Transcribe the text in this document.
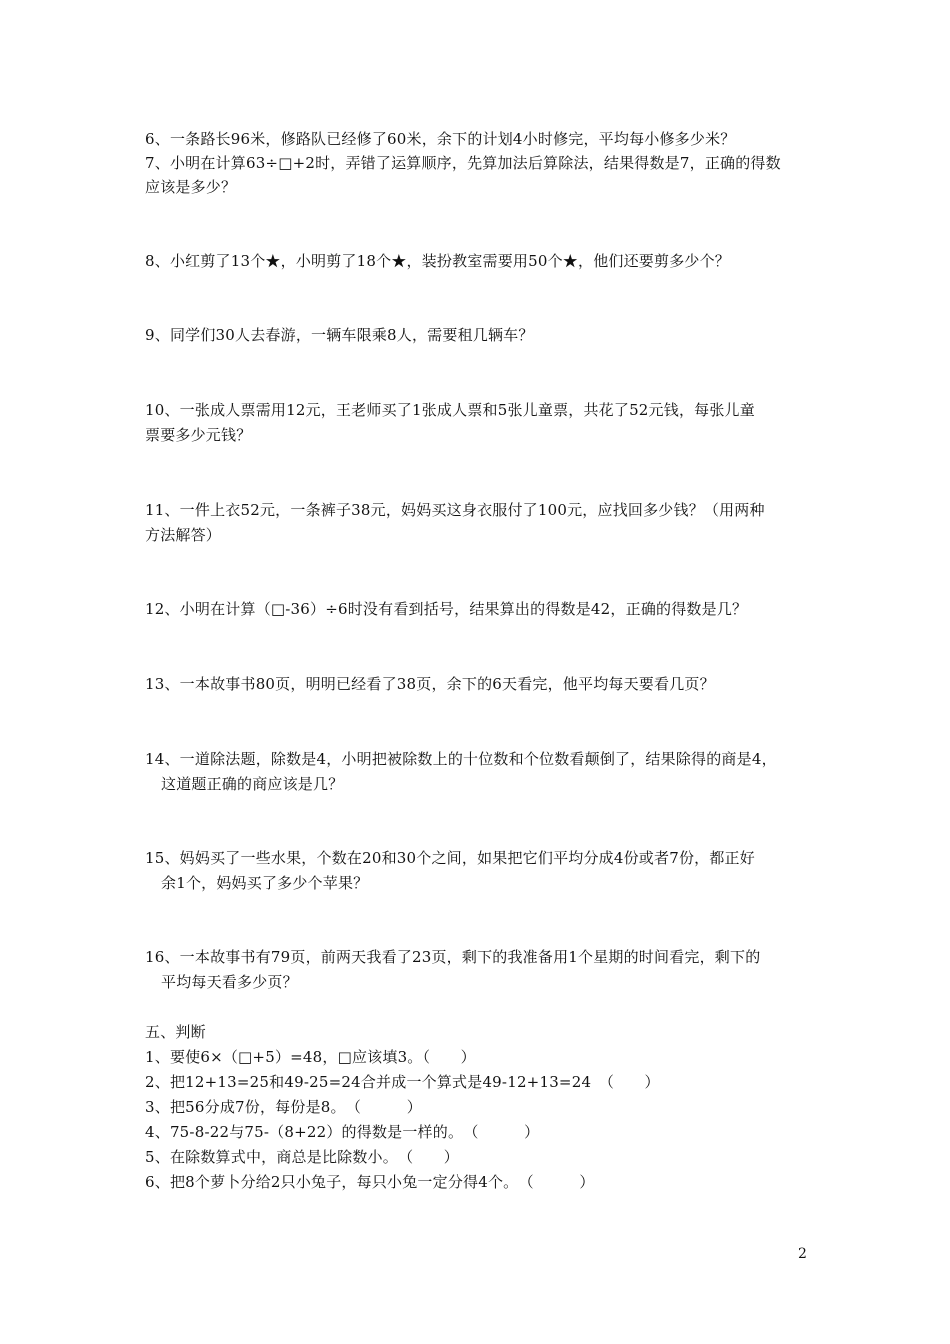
6、一条路长96米，修路队已经修了60米，余下的计划4小时修完，平均每小修多少米？
7、小明在计算63÷□+2时，弄错了运算顺序，先算加法后算除法，结果得数是7，正确的得数
应该是多少？
8、小红剪了13个★，小明剪了18个★，装扮教室需要用50个★，他们还要剪多少个？
9、同学们30人去春游，一辆车限乘8人，需要租几辆车？
10、一张成人票需用12元，王老师买了1张成人票和5张儿童票，共花了52元钱，每张儿童
票要多少元钱？
11、一件上衣52元，一条裤子38元，妈妈买这身衣服付了100元，应找回多少钱？（用两种
方法解答）
12、小明在计算（□-36）÷6时没有看到括号，结果算出的得数是42，正确的得数是几？
13、一本故事书80页，明明已经看了38页，余下的6天看完，他平均每天要看几页？
14、一道除法题，除数是4，小明把被除数上的十位数和个位数看颠倒了，结果除得的商是4，
这道题正确的商应该是几？
15、妈妈买了一些水果，个数在20和30个之间，如果把它们平均分成4份或者7份，都正好
余1个，妈妈买了多少个苹果？
16、一本故事书有79页，前两天我看了23页，剩下的我准备用1个星期的时间看完，剩下的
平均每天看多少页？
五、判断
1、要使6×（□+5）=48，□应该填3。（　　）
2、把12+13=25和49-25=24合并成一个算式是49-12+13=24　（　　）
3、把56分成7份，每份是8。　（　　　）
4、75-8-22与75-（8+22）的得数是一样的。　（　　　）
5、在除数算式中，商总是比除数小。　（　　）
6、把8个萝卜分给2只小兔子，每只小兔一定分得4个。　（　　　）
2
